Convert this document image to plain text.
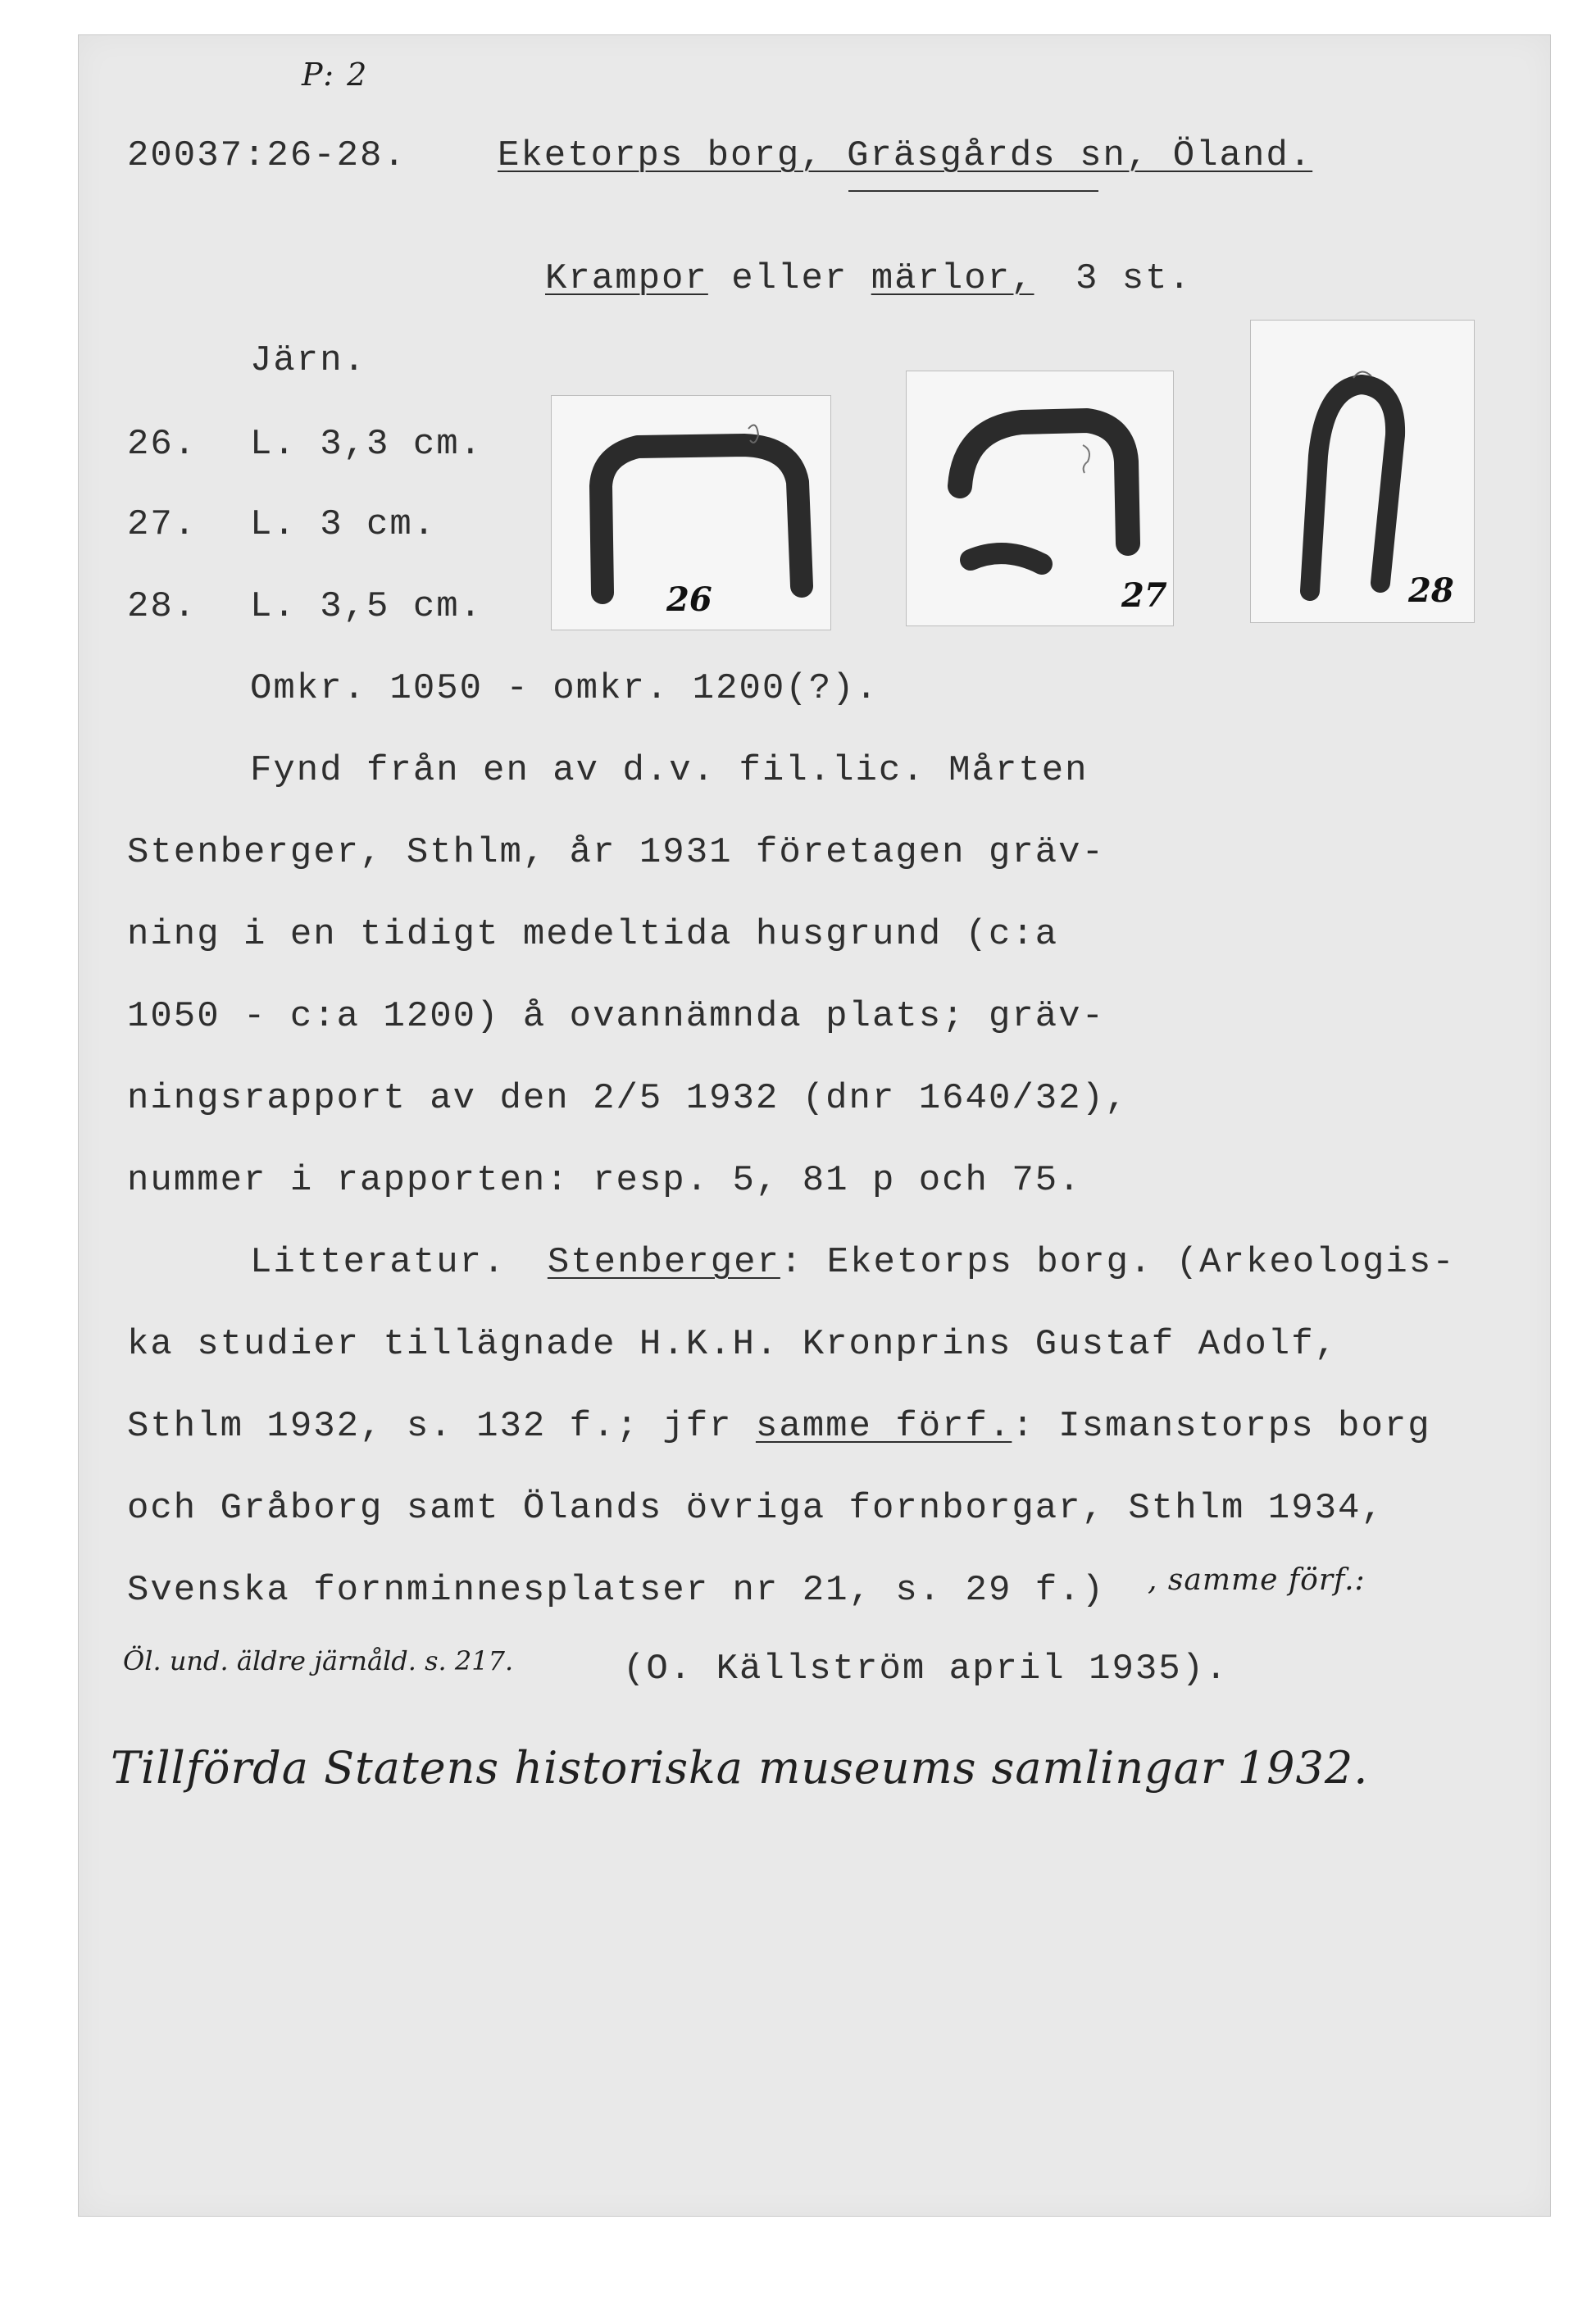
P: 2
20037:26-28.	Eketorps borg, Gräsgårds sn, Öland.
Krampor eller märlor, 3 st.
Järn.
26. L. 3,3 cm.
27. L. 3 cm.
28. L. 3,5 cm.	26	27	28
Omkr. 1050 - omkr. 1200(?).
Fynd från en av d.v. fil.lic. Mårten
Stenberger, Sthlm, år 1931 företagen gräv-
ning i en tidigt medeltida husgrund (c:a
1050 - c:a 1200) å ovannämnda plats; gräv-
ningsrapport av den 2/5 1932 (dnr 1640/32),
nummer i rapporten: resp. 5, 81 p och 75.
Litteratur. Stenberger: Eketorps borg. (Arkeologis-
ka studier tillägnade H.K.H. Kronprins Gustaf Adolf,
Sthlm 1932, s. 132 f.; jfr samme förf.: Ismanstorps borg
och Gråborg samt Ölands övriga fornborgar, Sthlm 1934,
Svenska fornminnesplatser nr 21, s. 29 f.) , samme förf.:
Öl. und. äldre järnåld. s. 217.	(O. Källström april 1935).
Tillförda Statens historiska museums samlingar 1932.
